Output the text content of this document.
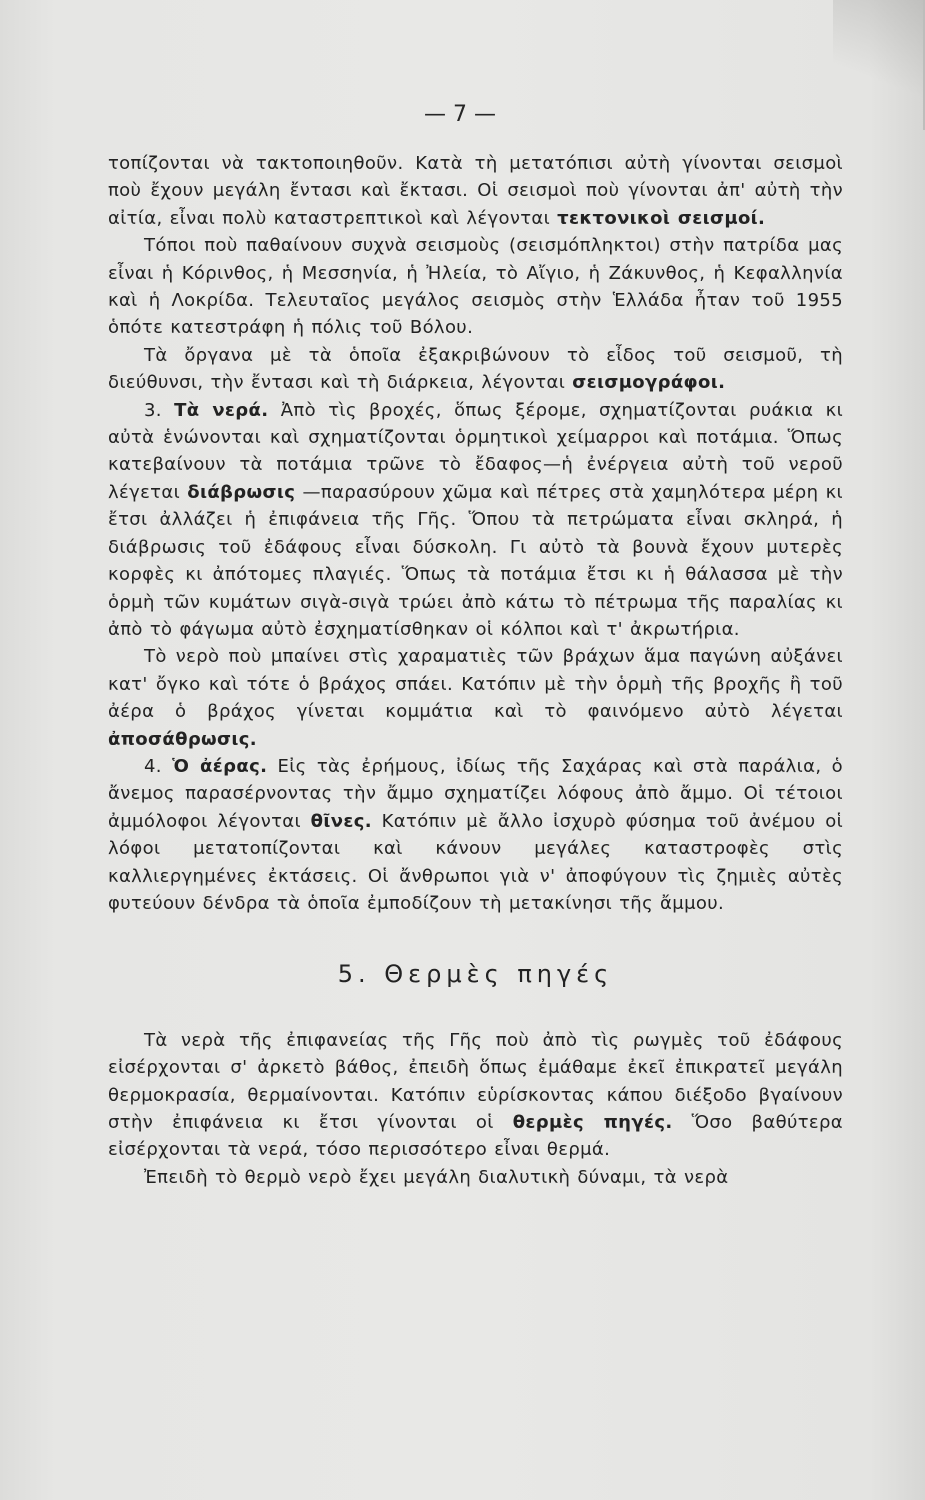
— 7 —

τοπίζονται νὰ τακτοποιηθοῦν. Κατὰ τὴ μετατόπισι αὐτὴ γίνονται σεισμοὶ ποὺ ἔχουν μεγάλη ἔντασι καὶ ἔκτασι. Οἱ σεισμοὶ ποὺ γίνονται ἀπ' αὐτὴ τὴν αἰτία, εἶναι πολὺ καταστρεπτικοὶ καὶ λέγονται τεκτονικοὶ σεισμοί.

Τόποι ποὺ παθαίνουν συχνὰ σεισμοὺς (σεισμόπληκτοι) στὴν πατρίδα μας εἶναι ἡ Κόρινθος, ἡ Μεσσηνία, ἡ Ἠλεία, τὸ Αἴγιο, ἡ Ζάκυνθος, ἡ Κεφαλληνία καὶ ἡ Λοκρίδα. Τελευταῖος μεγάλος σεισμὸς στὴν Ἑλλάδα ἦταν τοῦ 1955 ὁπότε κατεστράφη ἡ πόλις τοῦ Βόλου.

Τὰ ὄργανα μὲ τὰ ὁποῖα ἐξακριβώνουν τὸ εἶδος τοῦ σεισμοῦ, τὴ διεύθυνσι, τὴν ἔντασι καὶ τὴ διάρκεια, λέγονται σεισμογράφοι.

3. Τὰ νερά. Ἀπὸ τὶς βροχές, ὅπως ξέρομε, σχηματίζονται ρυάκια κι αὐτὰ ἑνώνονται καὶ σχηματίζονται ὁρμητικοὶ χείμαρροι καὶ ποτάμια. Ὅπως κατεβαίνουν τὰ ποτάμια τρῶνε τὸ ἔδαφος—ἡ ἐνέργεια αὐτὴ τοῦ νεροῦ λέγεται διάβρωσις —παρασύρουν χῶμα καὶ πέτρες στὰ χαμηλότερα μέρη κι ἔτσι ἀλλάζει ἡ ἐπιφάνεια τῆς Γῆς. Ὅπου τὰ πετρώματα εἶναι σκληρά, ἡ διάβρωσις τοῦ ἐδάφους εἶναι δύσκολη. Γι αὐτὸ τὰ βουνὰ ἔχουν μυτερὲς κορφὲς κι ἀπότομες πλαγιές. Ὅπως τὰ ποτάμια ἔτσι κι ἡ θάλασσα μὲ τὴν ὁρμὴ τῶν κυμάτων σιγὰ-σιγὰ τρώει ἀπὸ κάτω τὸ πέτρωμα τῆς παραλίας κι ἀπὸ τὸ φάγωμα αὐτὸ ἐσχηματίσθηκαν οἱ κόλποι καὶ τ' ἀκρωτήρια.

Τὸ νερὸ ποὺ μπαίνει στὶς χαραματιὲς τῶν βράχων ἅμα παγώνη αὐξάνει κατ' ὄγκο καὶ τότε ὁ βράχος σπάει. Κατόπιν μὲ τὴν ὁρμὴ τῆς βροχῆς ἢ τοῦ ἀέρα ὁ βράχος γίνεται κομμάτια καὶ τὸ φαινόμενο αὐτὸ λέγεται ἀποσάθρωσις.

4. Ὁ ἀέρας. Εἰς τὰς ἐρήμους, ἰδίως τῆς Σαχάρας καὶ στὰ παράλια, ὁ ἄνεμος παρασέρνοντας τὴν ἄμμο σχηματίζει λόφους ἀπὸ ἄμμο. Οἱ τέτοιοι ἀμμόλοφοι λέγονται θῖνες. Κατόπιν μὲ ἄλλο ἰσχυρὸ φύσημα τοῦ ἀνέμου οἱ λόφοι μετατοπίζονται καὶ κάνουν μεγάλες καταστροφὲς στὶς καλλιεργημένες ἐκτάσεις. Οἱ ἄνθρωποι γιὰ ν' ἀποφύγουν τὶς ζημιὲς αὐτὲς φυτεύουν δένδρα τὰ ὁποῖα ἐμποδίζουν τὴ μετακίνησι τῆς ἄμμου.

5. Θερμὲς πηγές

Τὰ νερὰ τῆς ἐπιφανείας τῆς Γῆς ποὺ ἀπὸ τὶς ρωγμὲς τοῦ ἐδάφους εἰσέρχονται σ' ἀρκετὸ βάθος, ἐπειδὴ ὅπως ἐμάθαμε ἐκεῖ ἐπικρατεῖ μεγάλη θερμοκρασία, θερμαίνονται. Κατόπιν εὑρίσκοντας κάπου διέξοδο βγαίνουν στὴν ἐπιφάνεια κι ἔτσι γίνονται οἱ θερμὲς πηγές. Ὅσο βαθύτερα εἰσέρχονται τὰ νερά, τόσο περισσότερο εἶναι θερμά.

Ἐπειδὴ τὸ θερμὸ νερὸ ἔχει μεγάλη διαλυτικὴ δύναμι, τὰ νερὰ
